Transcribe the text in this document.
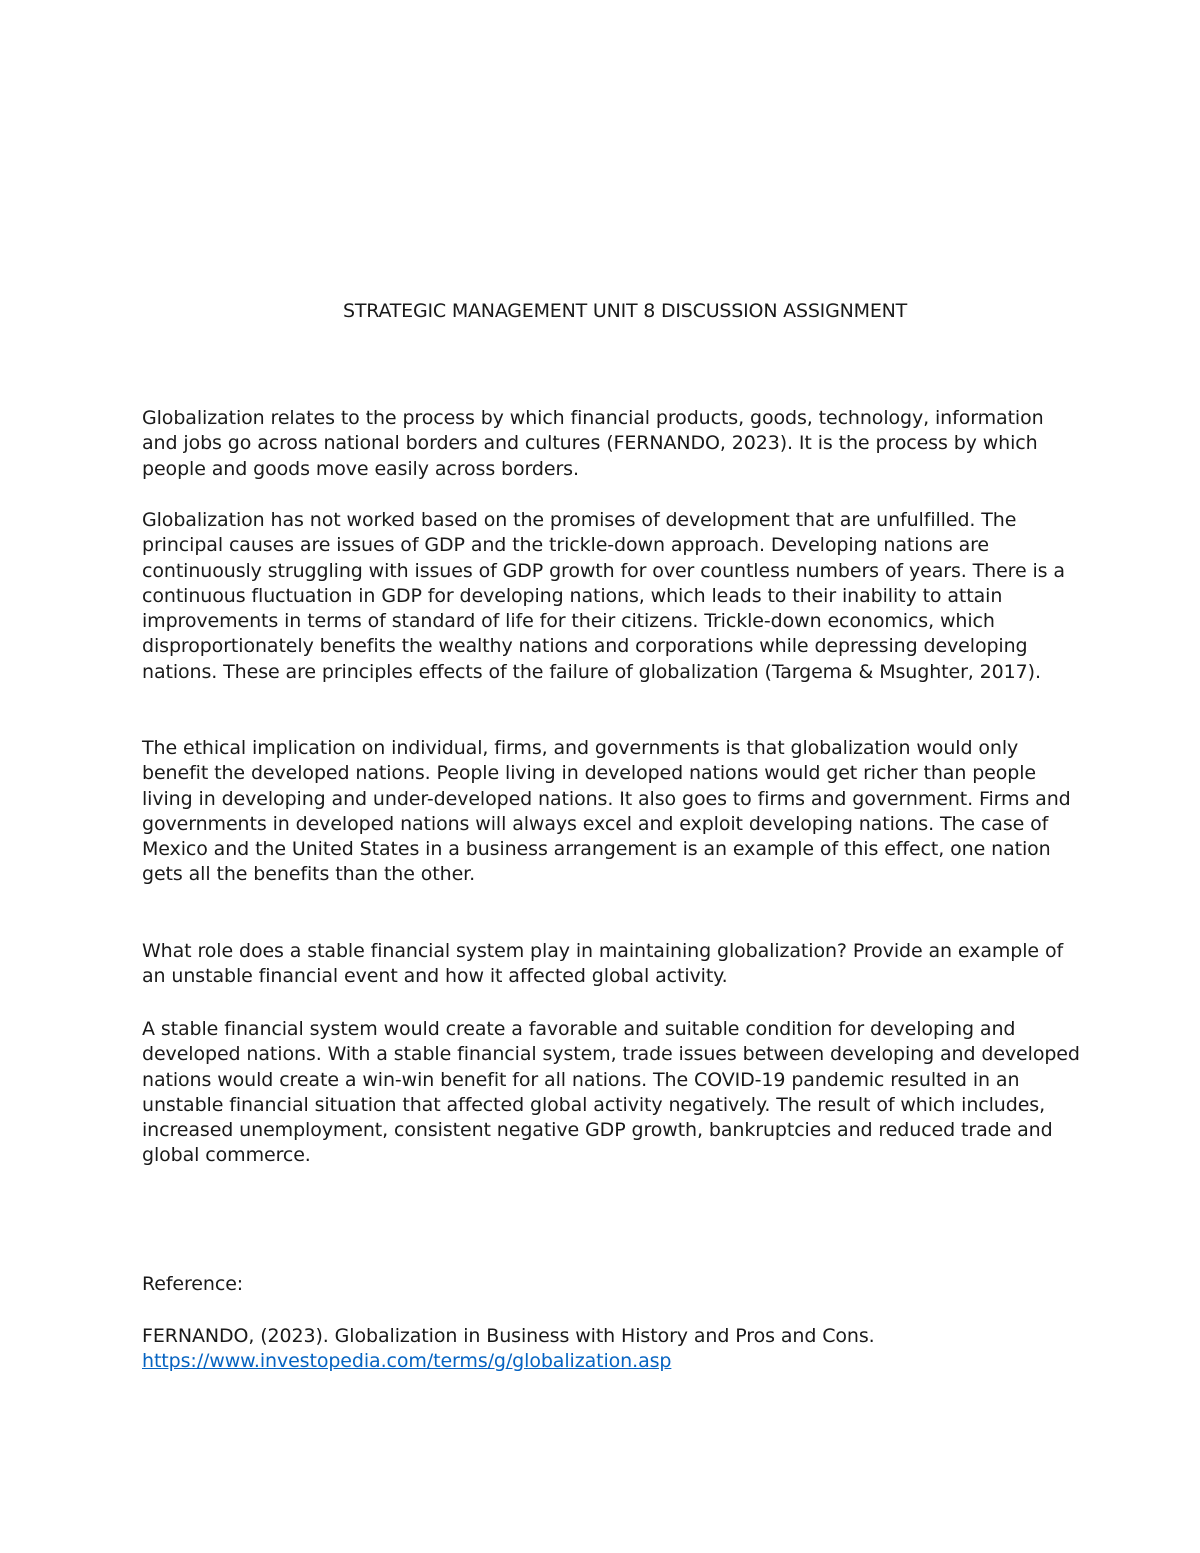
STRATEGIC MANAGEMENT UNIT 8 DISCUSSION ASSIGNMENT

Globalization relates to the process by which financial products, goods, technology, information and jobs go across national borders and cultures (FERNANDO, 2023). It is the process by which people and goods move easily across borders.

Globalization has not worked based on the promises of development that are unfulfilled. The principal causes are issues of GDP and the trickle-down approach. Developing nations are continuously struggling with issues of GDP growth for over countless numbers of years. There is a continuous fluctuation in GDP for developing nations, which leads to their inability to attain improvements in terms of standard of life for their citizens. Trickle-down economics, which disproportionately benefits the wealthy nations and corporations while depressing developing nations. These are principles effects of the failure of globalization (Targema & Msughter, 2017).

The ethical implication on individual, firms, and governments is that globalization would only benefit the developed nations. People living in developed nations would get richer than people living in developing and under-developed nations. It also goes to firms and government. Firms and governments in developed nations will always excel and exploit developing nations. The case of Mexico and the United States in a business arrangement is an example of this effect, one nation gets all the benefits than the other.

What role does a stable financial system play in maintaining globalization? Provide an example of an unstable financial event and how it affected global activity.

A stable financial system would create a favorable and suitable condition for developing and developed nations. With a stable financial system, trade issues between developing and developed nations would create a win-win benefit for all nations. The COVID-19 pandemic resulted in an unstable financial situation that affected global activity negatively. The result of which includes, increased unemployment, consistent negative GDP growth, bankruptcies and reduced trade and global commerce.

Reference:

FERNANDO, (2023). Globalization in Business with History and Pros and Cons.
https://www.investopedia.com/terms/g/globalization.asp
